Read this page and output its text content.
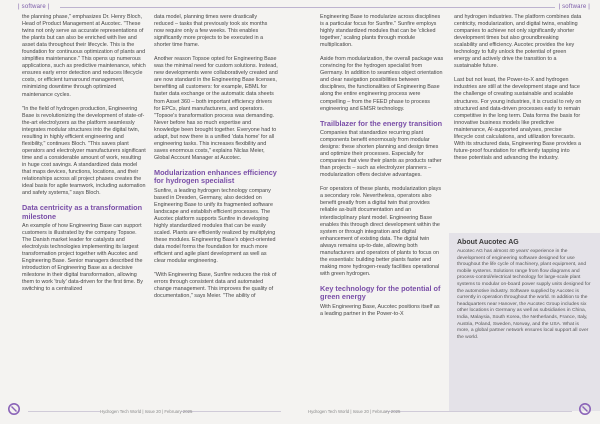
| software |	| software |

the planning phase," emphasizes Dr. Henry Bloch, Head of Product Management at Aucotec. "These twins not only serve as accurate representations of the plants but can also be enriched with live and asset data throughout their lifecycle. This is the foundation for continuous optimization of plants and simplifies maintenance." This opens up numerous applications, such as predictive maintenance, which ensures early error detection and reduces lifecycle costs, or efficient turnaround management, minimizing downtime through optimized maintenance cycles.

"In the field of hydrogen production, Engineering Base is revolutionizing the development of state-of-the-art electrolyzers as the platform seamlessly integrates modular structures into the digital twin, resulting in highly efficient engineering and flexibility," continues Bloch. "This saves plant operators and electrolyzer manufacturers significant time and a considerable amount of work, resulting in huge cost savings. A standardized data model that maps devices, functions, locations, and their relationships across all project phases creates the ideal basis for agile teamwork, including automation and safety systems," says Bloch.

Data centricity as a transformation milestone

An example of how Engineering Base can support customers is illustrated by the company Topsoe. The Danish market leader for catalysts and electrolysis technologies implementing its largest transformation project together with Aucotec and Engineering Base. Senior managers described the introduction of Engineering Base as a decisive milestone in their digital transformation, allowing them to work 'truly' data-driven for the first time. By switching to a centralized

data model, planning times were drastically reduced – tasks that previously took six months now require only a few weeks. This enables significantly more projects to be executed in a shorter time frame.

Another reason Topsoe opted for Engineering Base was the minimal need for custom solutions. Instead, new developments were collaboratively created and are now standard in the Engineering Base licenses, benefiting all customers: for example, EBML for faster data exchange or the automatic data sheets from Asset 360 – both important efficiency drivers for EPCs, plant manufacturers, and operators. "Topsoe's transformation process was demanding. Never before has so much expertise and knowledge been brought together. Everyone had to adapt, but now there is a unified 'data home' for all engineering tasks. This increases flexibility and saves enormous costs," explains Niclas Meier, Global Account Manager at Aucotec.

Modularization enhances efficiency for hydrogen specialist

Sunfire, a leading hydrogen technology company based in Dresden, Germany, also decided on Engineering Base to unify its fragmented software landscape and establish efficient processes. The Aucotec platform supports Sunfire in developing highly standardized modules that can be easily scaled. Plants are efficiently realized by multiplying these modules. Engineering Base's object-oriented data model forms the foundation for much more efficient and agile plant development as well as clear modular engineering.

"With Engineering Base, Sunfire reduces the risk of errors through consistent data and automated change management. This improves the quality of documentation," says Meier. "The ability of

Engineering Base to modularize across disciplines is a particular focus for Sunfire." Sunfire employs highly standardized modules that can be 'clicked together,' scaling plants through module multiplication.

Aside from modularization, the overall package was convincing for the hydrogen specialist from Germany. In addition to seamless object orientation and clear navigation possibilities between disciplines, the functionalities of Engineering Base along the entire engineering process were compelling – from the FEED phase to process engineering and EMSR technology.

Trailblazer for the energy transition

Companies that standardize recurring plant components benefit enormously from modular designs: these shorten planning and design times and optimize their processes. Especially for companies that view their plants as products rather than projects – such as electrolyzer planners – modularization offers decisive advantages.

For operators of these plants, modularization plays a secondary role. Nevertheless, operators also benefit greatly from a digital twin that provides reliable as-built documentation and an interdisciplinary plant model. Engineering Base enables this through direct development within the system or through integration and digital enhancement of existing data. The digital twin always remains up-to-date, allowing both manufacturers and operators of plants to focus on the essentials: building better plants faster and making more hydrogen-ready facilities operational with green hydrogen.

Key technology for the potential of green energy

With Engineering Base, Aucotec positions itself as a leading partner in the Power-to-X

and hydrogen industries. The platform combines data centricity, modularization, and digital twins, enabling companies to achieve not only significantly shorter development times but also groundbreaking scalability and efficiency. Aucotec provides the key technology to fully unlock the potential of green energy and actively drive the transition to a sustainable future.

Last but not least, the Power-to-X and hydrogen industries are still at the development stage and face the challenge of creating sustainable and scalable structures. For young industries, it is crucial to rely on structured and data-driven processes early to remain competitive in the long term. Data forms the basis for innovative business models like predictive maintenance, AI-supported analyses, precise lifecycle cost calculations, and utilization forecasts. With its structured data, Engineering Base provides a future-proof foundation for efficiently tapping into these potentials and advancing the industry.

About Aucotec AG

Aucotec AG has almost 40 years' experience in the development of engineering software designed for use throughout the life cycle of machinery, plant equipment, and mobile systems. Solutions range from flow diagrams and process-control/electrical technology for large-scale plant systems to modular on-board power supply units designed for the automotive industry. Software supplied by Aucotec is currently in operation throughout the world. In addition to the headquarters near Hanover, the Aucotec Group includes six other locations in Germany as well as subsidiaries in China, India, Malaysia, South Korea, the Netherlands, France, Italy, Austria, Poland, Sweden, Norway, and the USA. What is more, a global partner network ensures local support all over the world.

Hydrogen Tech World | Issue 20 | February 2025	Hydrogen Tech World | Issue 20 | February 2025
